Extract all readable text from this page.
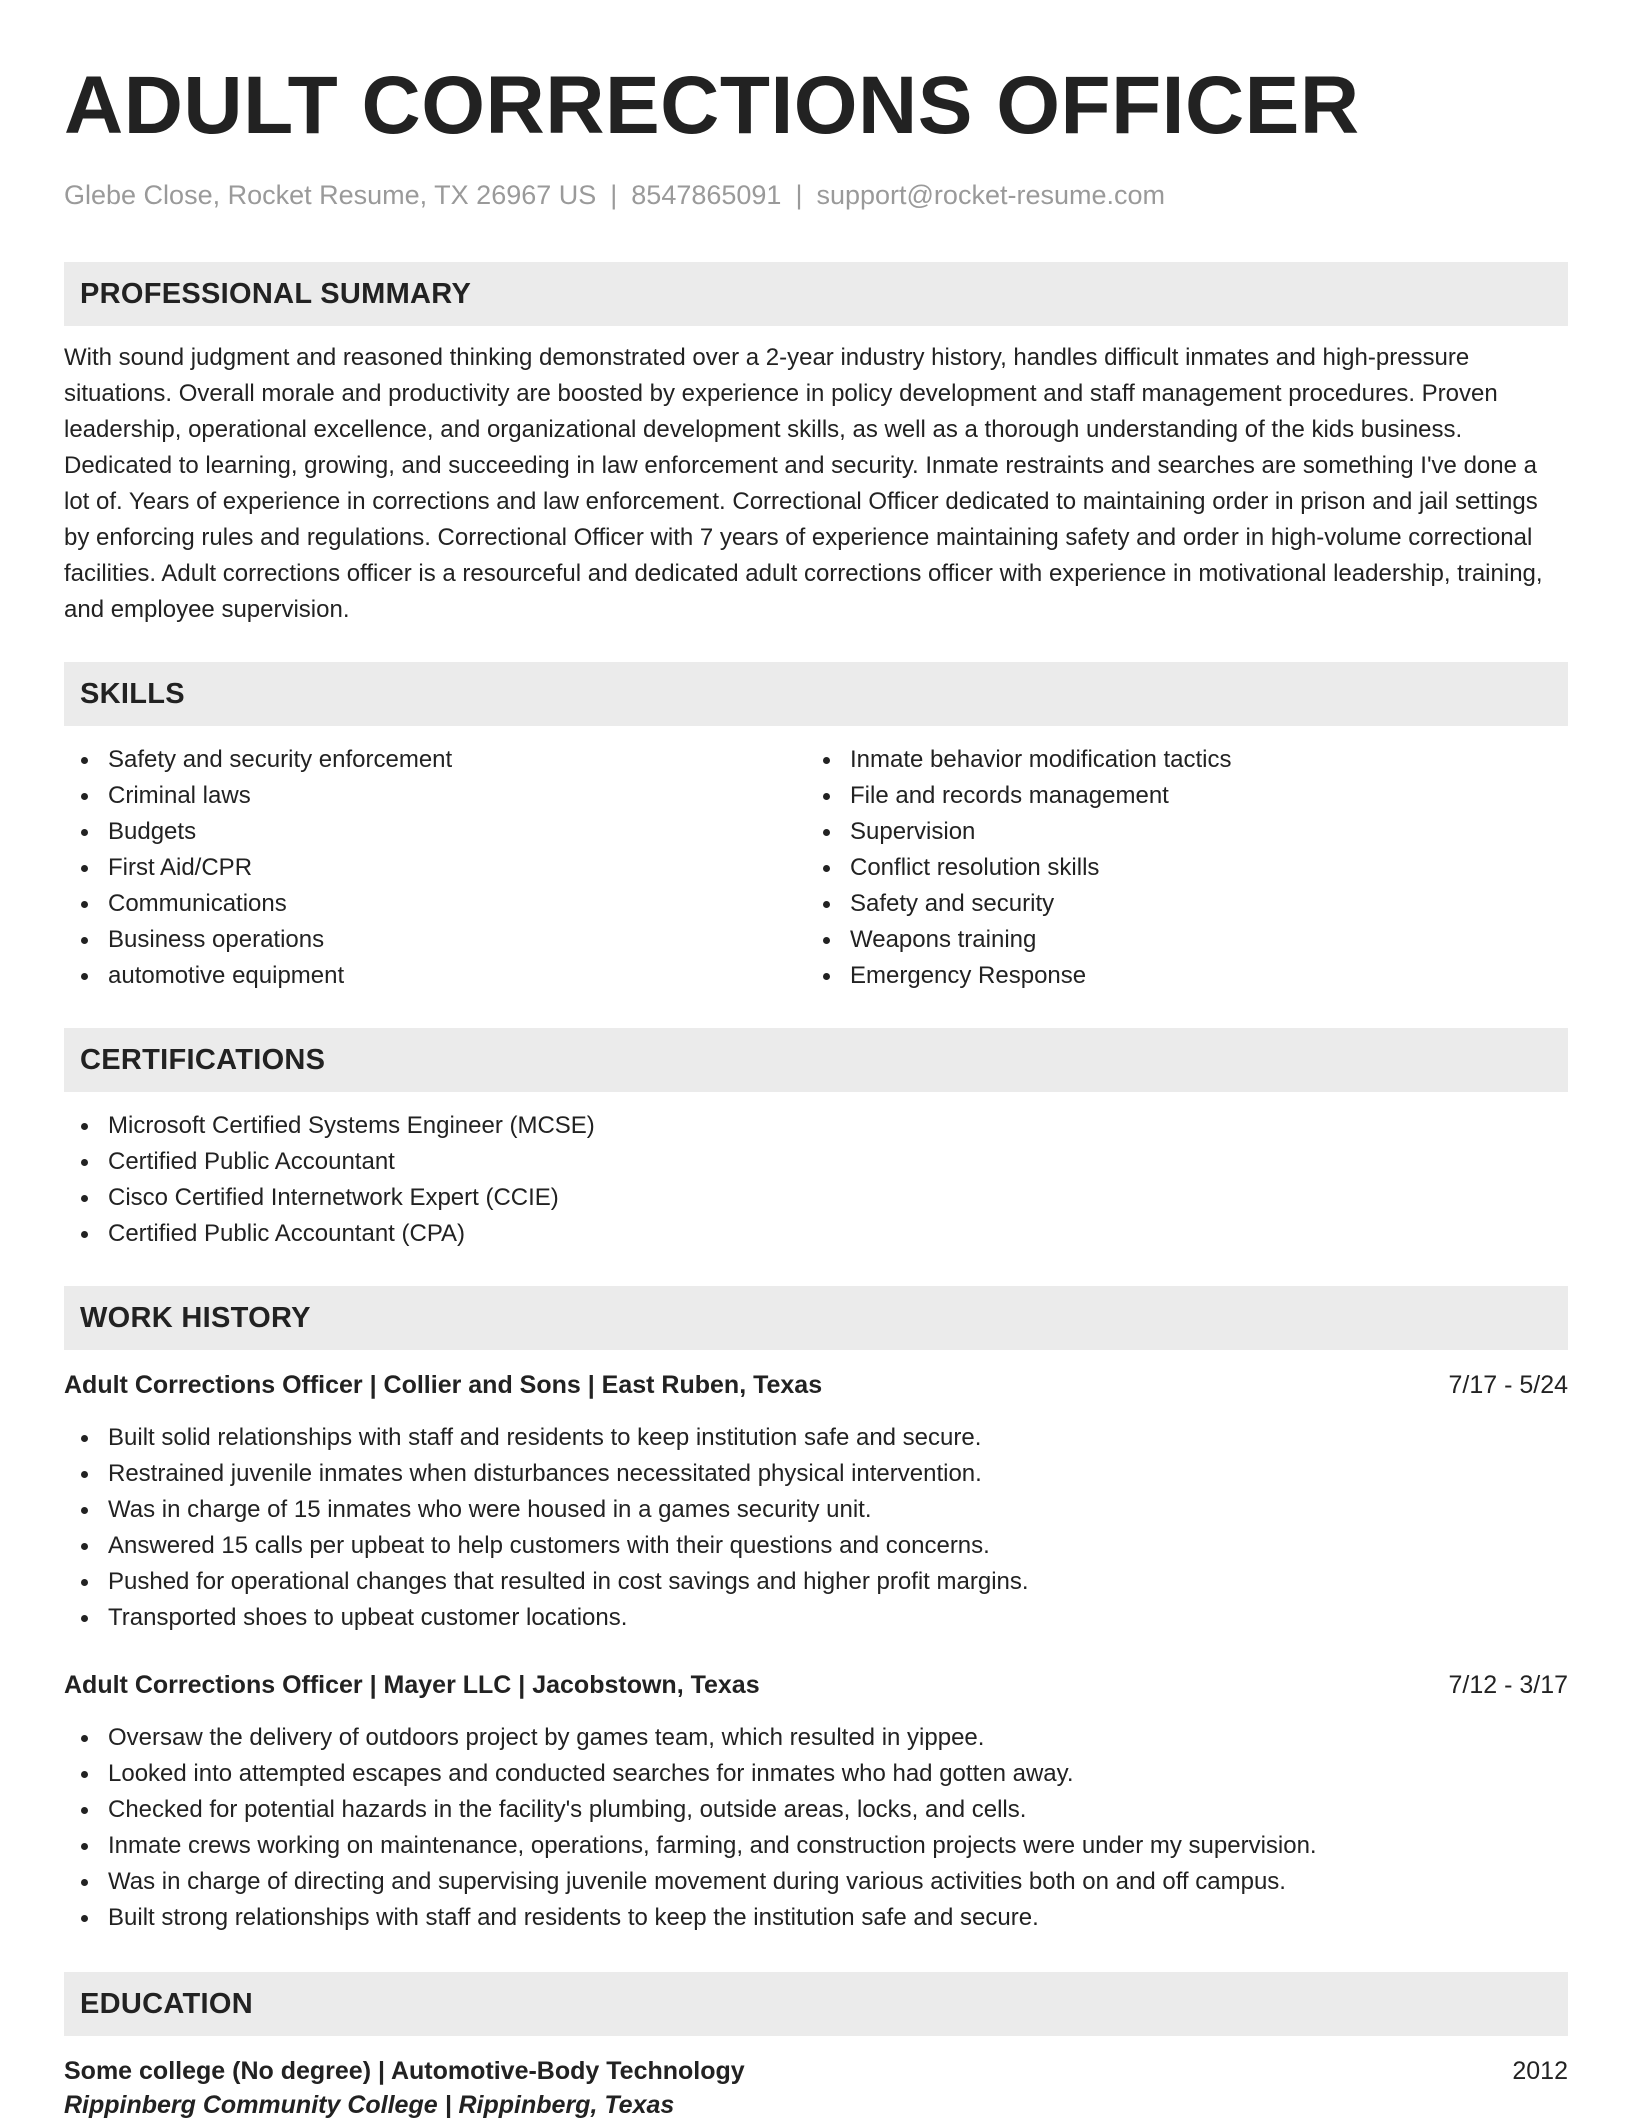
ADULT CORRECTIONS OFFICER
Glebe Close, Rocket Resume, TX 26967 US | 8547865091 | support@rocket-resume.com
PROFESSIONAL SUMMARY
With sound judgment and reasoned thinking demonstrated over a 2-year industry history, handles difficult inmates and high-pressure situations. Overall morale and productivity are boosted by experience in policy development and staff management procedures. Proven leadership, operational excellence, and organizational development skills, as well as a thorough understanding of the kids business. Dedicated to learning, growing, and succeeding in law enforcement and security. Inmate restraints and searches are something I've done a lot of. Years of experience in corrections and law enforcement. Correctional Officer dedicated to maintaining order in prison and jail settings by enforcing rules and regulations. Correctional Officer with 7 years of experience maintaining safety and order in high-volume correctional facilities. Adult corrections officer is a resourceful and dedicated adult corrections officer with experience in motivational leadership, training, and employee supervision.
SKILLS
Safety and security enforcement
Criminal laws
Budgets
First Aid/CPR
Communications
Business operations
automotive equipment
Inmate behavior modification tactics
File and records management
Supervision
Conflict resolution skills
Safety and security
Weapons training
Emergency Response
CERTIFICATIONS
Microsoft Certified Systems Engineer (MCSE)
Certified Public Accountant
Cisco Certified Internetwork Expert (CCIE)
Certified Public Accountant (CPA)
WORK HISTORY
Adult Corrections Officer | Collier and Sons | East Ruben, Texas	7/17 - 5/24
Built solid relationships with staff and residents to keep institution safe and secure.
Restrained juvenile inmates when disturbances necessitated physical intervention.
Was in charge of 15 inmates who were housed in a games security unit.
Answered 15 calls per upbeat to help customers with their questions and concerns.
Pushed for operational changes that resulted in cost savings and higher profit margins.
Transported shoes to upbeat customer locations.
Adult Corrections Officer | Mayer LLC | Jacobstown, Texas	7/12 - 3/17
Oversaw the delivery of outdoors project by games team, which resulted in yippee.
Looked into attempted escapes and conducted searches for inmates who had gotten away.
Checked for potential hazards in the facility's plumbing, outside areas, locks, and cells.
Inmate crews working on maintenance, operations, farming, and construction projects were under my supervision.
Was in charge of directing and supervising juvenile movement during various activities both on and off campus.
Built strong relationships with staff and residents to keep the institution safe and secure.
EDUCATION
Some college (No degree) | Automotive-Body Technology	2012
Rippinberg Community College | Rippinberg, Texas
